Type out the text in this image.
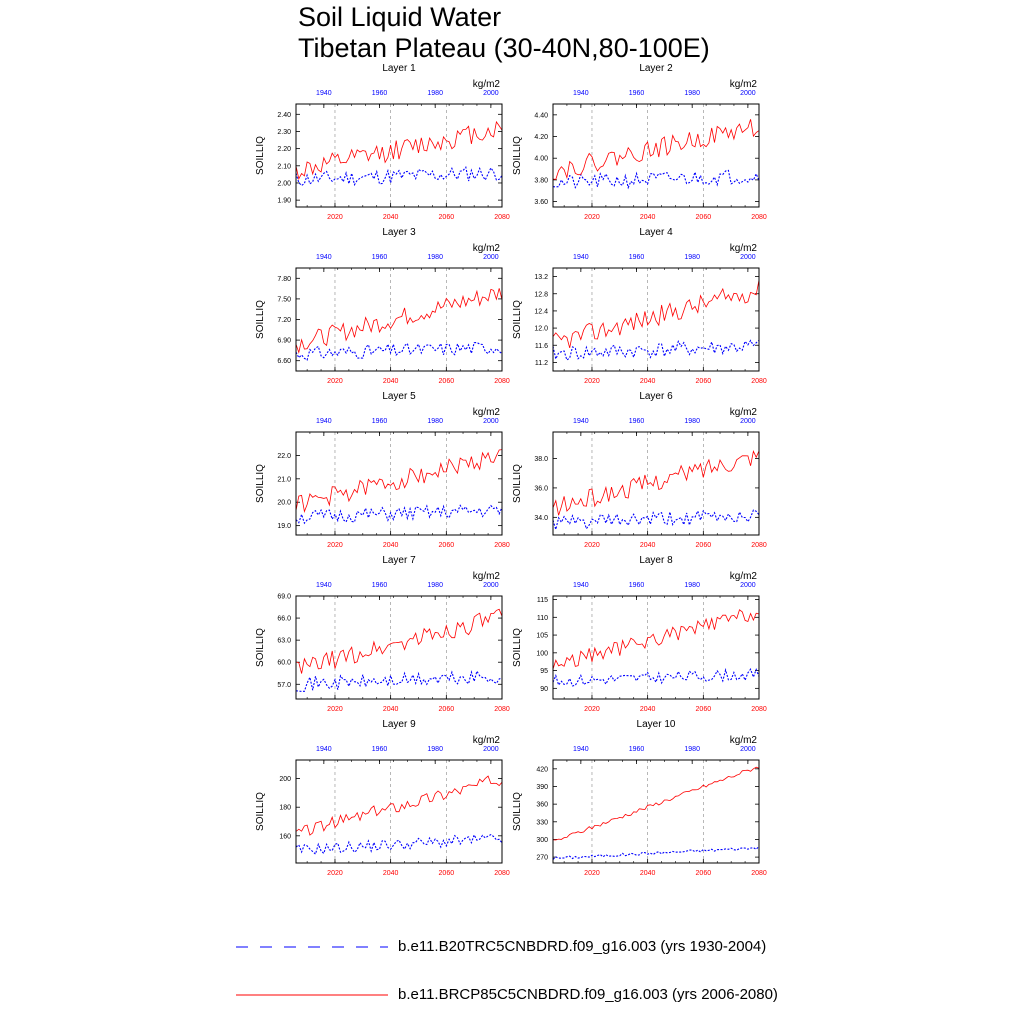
Layer 1
kg/m2
SOILLIQ
2020	2040	2060	2080
1940	1960	1980	2000
1.90
2.00
2.10
2.20
2.30
2.40
Layer 2
kg/m2
SOILLIQ
2020	2040	2060	2080
1940	1960	1980	2000
3.60
3.80
4.00
4.20
4.40
Layer 3
kg/m2
SOILLIQ
2020	2040	2060	2080
1940	1960	1980	2000
6.60
6.90
7.20
7.50
7.80
Layer 4
kg/m2
SOILLIQ
2020	2040	2060	2080
1940	1960	1980	2000
11.2
11.6
12.0
12.4
12.8
13.2
Layer 5
kg/m2
SOILLIQ
2020	2040	2060	2080
1940	1960	1980	2000
19.0
20.0
21.0
22.0
Layer 6
kg/m2
SOILLIQ
2020	2040	2060	2080
1940	1960	1980	2000
34.0
36.0
38.0
Layer 7
kg/m2
SOILLIQ
2020	2040	2060	2080
1940	1960	1980	2000
57.0
60.0
63.0
66.0
69.0
Layer 8
kg/m2
SOILLIQ
2020	2040	2060	2080
1940	1960	1980	2000
90
95
100
105
110
115
Layer 9
kg/m2
SOILLIQ
2020	2040	2060	2080
1940	1960	1980	2000
160
180
200
Layer 10
kg/m2
SOILLIQ
2020	2040	2060	2080
1940	1960	1980	2000
270
300
330
360
390
420
Soil Liquid Water
Tibetan Plateau (30-40N,80-100E)
b.e11.B20TRC5CNBDRD.f09_g16.003 (yrs 1930-2004)
b.e11.BRCP85C5CNBDRD.f09_g16.003 (yrs 2006-2080)
